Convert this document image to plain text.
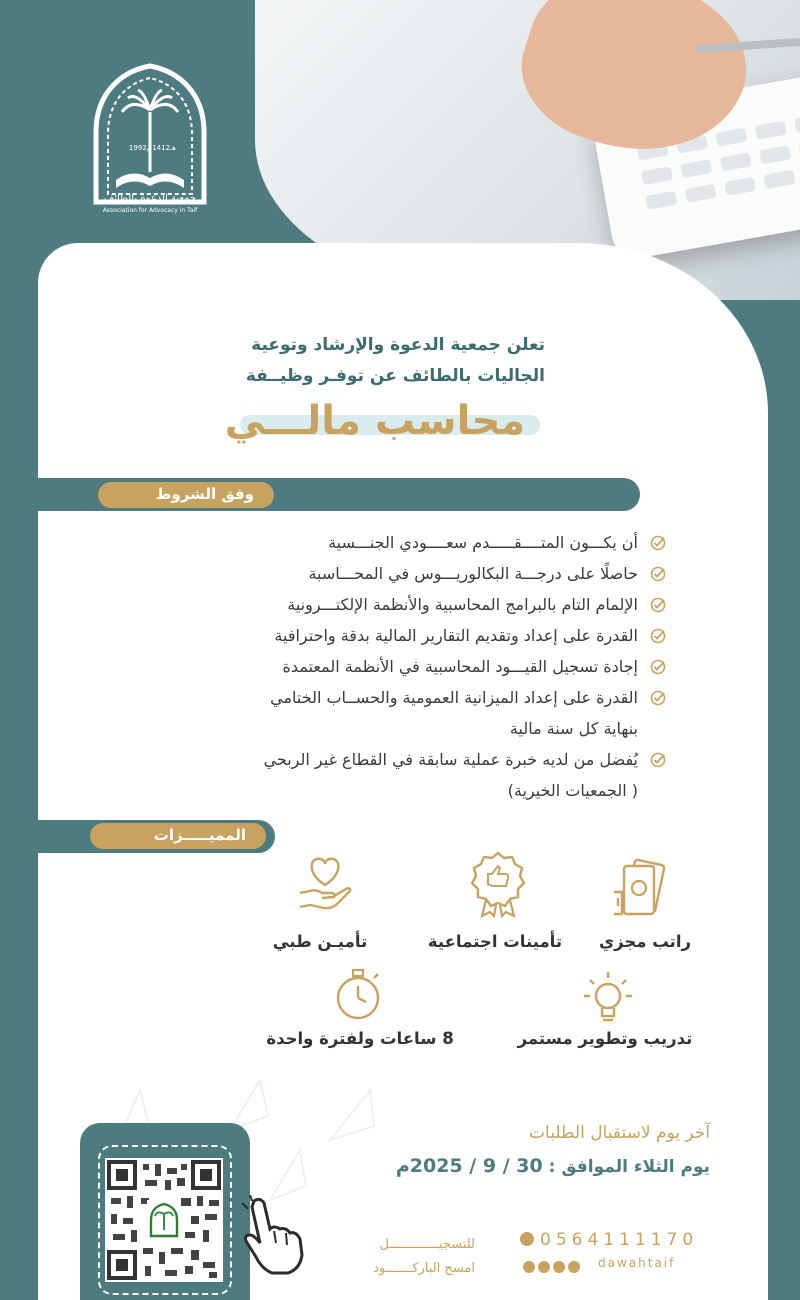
1412هـ
1992م
جمعية الدعوة بالطائف
Association for Advocacy in Taif
تعلن جمعية الدعوة والإرشاد وتوعية
الجاليات بالطائف عن توفـر وظيــفة
محاسب مالـــي
وفق الشروط
أن يكـــون المتــــقـــــدم سعــــودي الجنـــسية
حاصلًا على درجـــة البكالوريـــوس في المحـــاسبة
الإلمام التام بالبرامج المحاسبية والأنظمة الإلكتـــرونية
القدرة على إعداد وتقديم التقارير المالية بدقة واحترافية
إجادة تسجيل القيـــود المحاسبية في الأنظمة المعتمدة
القدرة على إعداد الميزانية العمومية والحســاب الختامي
بنهاية كل سنة مالية
يُفضل من لديه خبرة عملية سابقة في القطاع غير الربحي
( الجمعيات الخيرية)
المميـــــزات
راتب مجزي
تأمينات اجتماعية
تأميـن طبي
تدريب وتطوير مستمر
8 ساعات ولفترة واحدة
آخر يوم لاستقبال الطلبات
يوم الثلاء الموافق : 30 / 9 / 2025م
للتسجيـــــــــــــل
امسح الباركـــــــود
0564111170
dawahtaif
